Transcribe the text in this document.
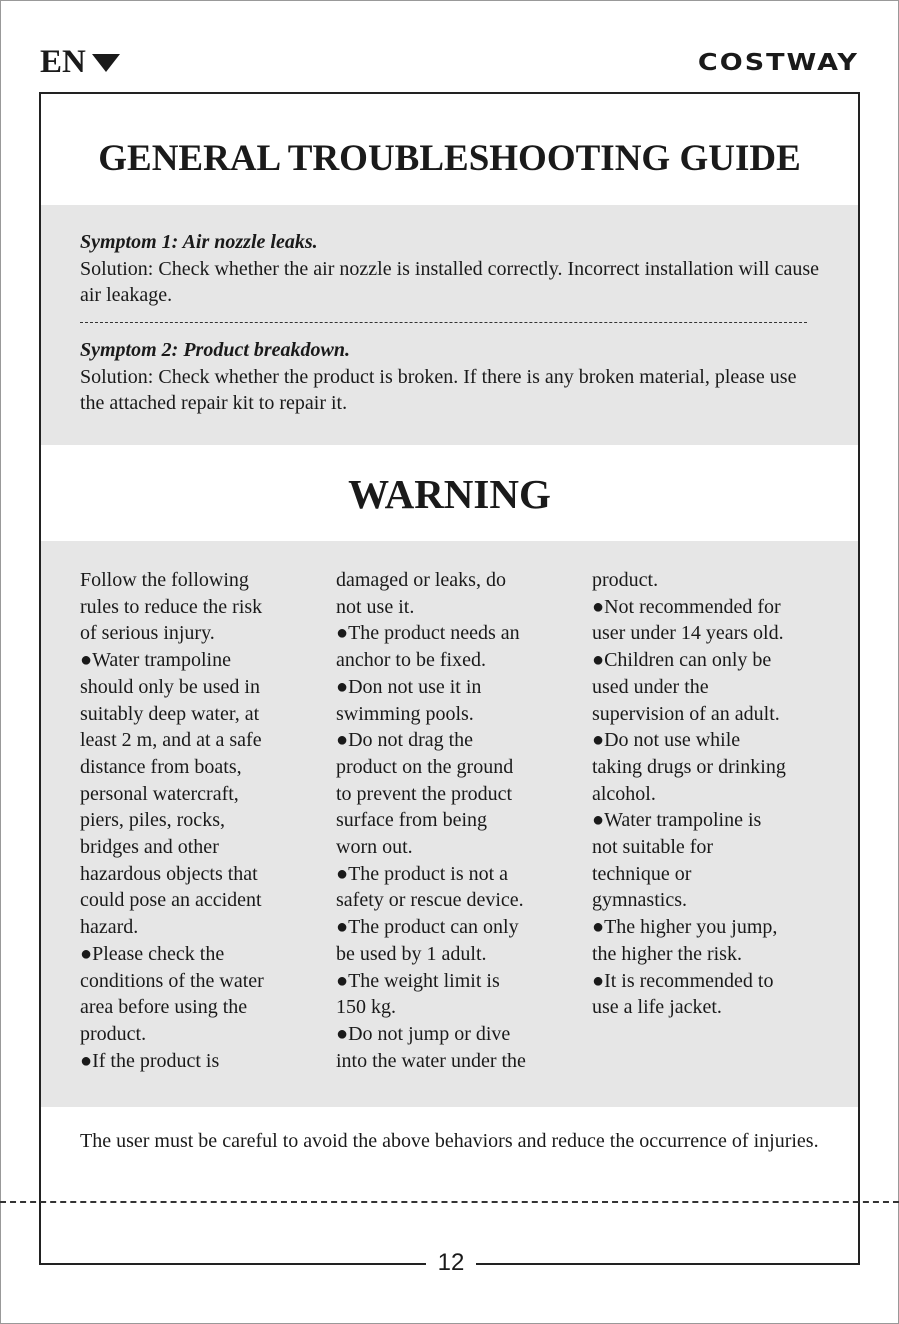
EN	COSTWAY
GENERAL TROUBLESHOOTING GUIDE
Symptom 1: Air nozzle leaks.
Solution: Check whether the air nozzle is installed correctly. Incorrect installation will cause air leakage.
Symptom 2: Product breakdown.
Solution: Check whether the product is broken. If there is any broken material, please use the attached repair kit to repair it.
WARNING
Follow the following
rules to reduce the risk
of serious injury.
●Water trampoline
should only be used in
suitably deep water, at
least 2 m, and at a safe
distance from boats,
personal watercraft,
piers, piles, rocks,
bridges and other
hazardous objects that
could pose an accident
hazard.
●Please check the
conditions of the water
area before using the
product.
●If the product is
damaged or leaks, do
not use it.
●The product needs an
anchor to be fixed.
●Don not use it in
swimming pools.
●Do not drag the
product on the ground
to prevent the product
surface from being
worn out.
●The product is not a
safety or rescue device.
●The product can only
be used by 1 adult.
●The weight limit is
150 kg.
●Do not jump or dive
into the water under the
product.
●Not recommended for
user under 14 years old.
●Children can only be
used under the
supervision of an adult.
●Do not use while
taking drugs or drinking
alcohol.
●Water trampoline is
not suitable for
technique or
gymnastics.
●The higher you jump,
the higher the risk.
●It is recommended to
use a life jacket.
The user must be careful to avoid the above behaviors and reduce the occurrence of injuries.
12
